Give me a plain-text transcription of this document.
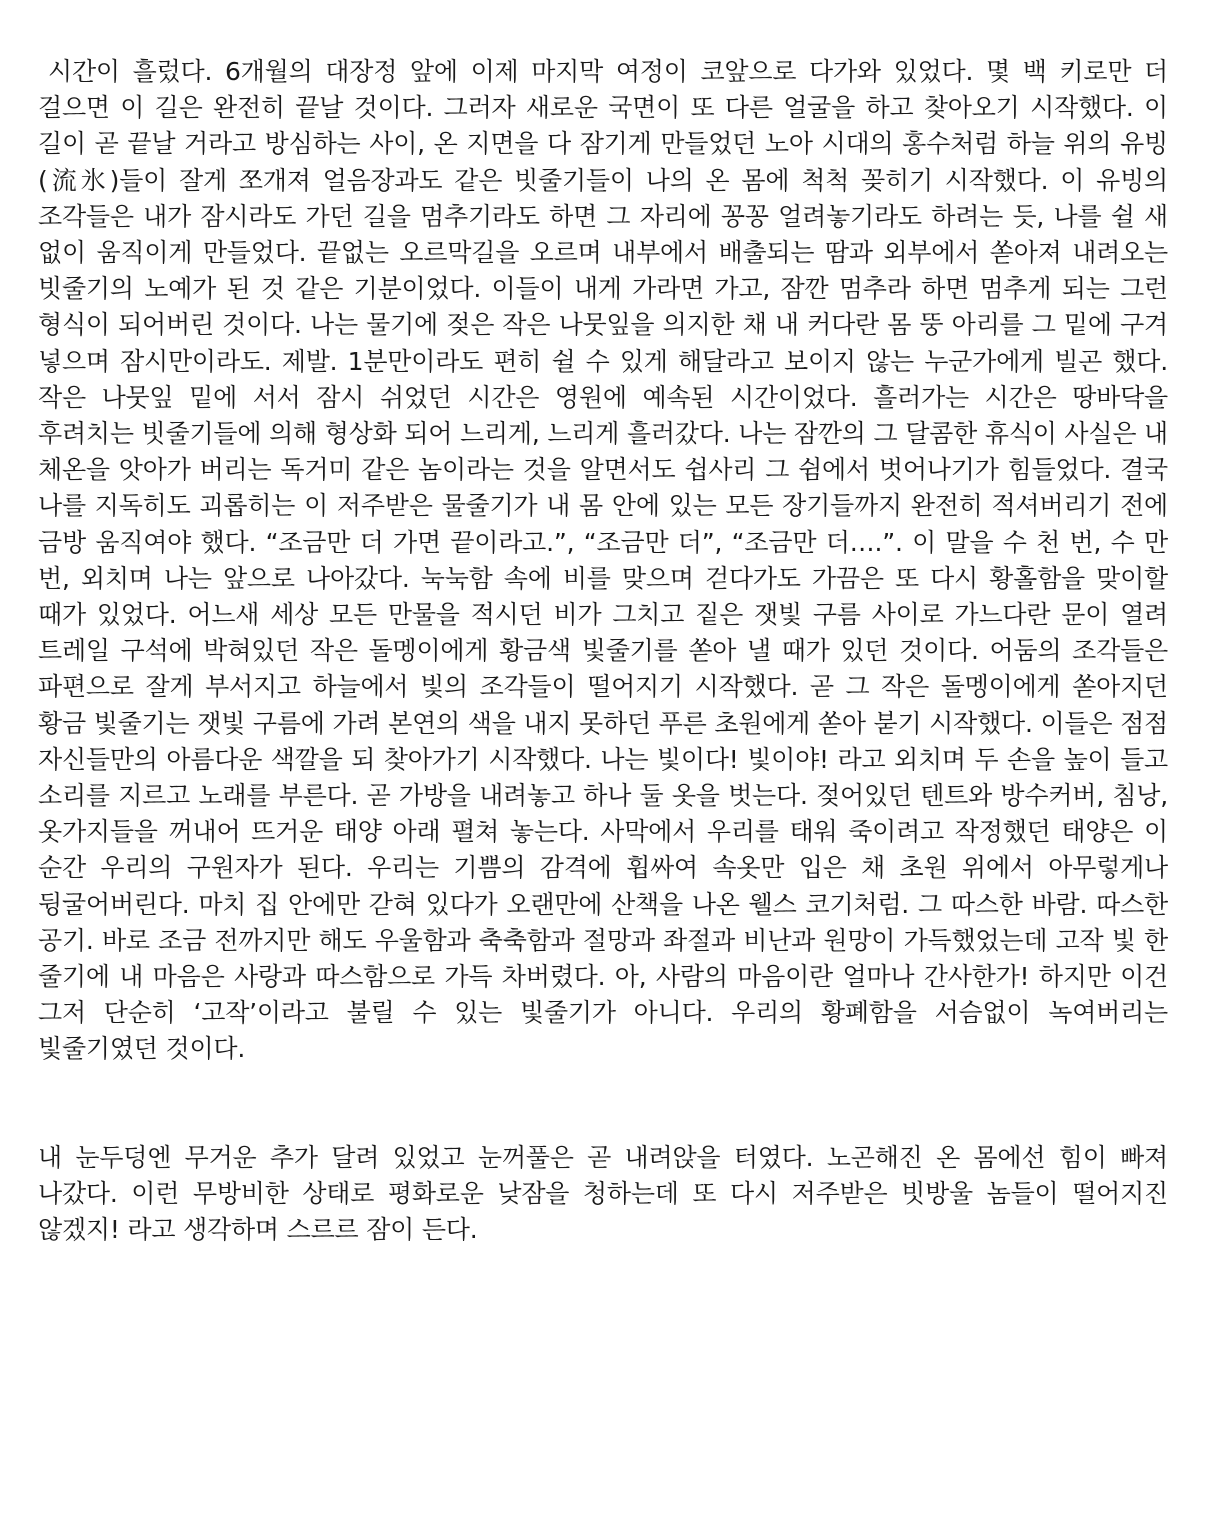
시간이 흘렀다. 6개월의 대장정 앞에 이제 마지막 여정이 코앞으로 다가와 있었다. 몇 백 키로만 더 걸으면 이 길은 완전히 끝날 것이다. 그러자 새로운 국면이 또 다른 얼굴을 하고 찾아오기 시작했다. 이 길이 곧 끝날 거라고 방심하는 사이, 온 지면을 다 잠기게 만들었던 노아 시대의 홍수처럼 하늘 위의 유빙(流氷)들이 잘게 쪼개져 얼음장과도 같은 빗줄기들이 나의 온 몸에 척척 꽂히기 시작했다. 이 유빙의 조각들은 내가 잠시라도 가던 길을 멈추기라도 하면 그 자리에 꽁꽁 얼려놓기라도 하려는 듯, 나를 쉴 새 없이 움직이게 만들었다. 끝없는 오르막길을 오르며 내부에서 배출되는 땀과 외부에서 쏟아져 내려오는 빗줄기의 노예가 된 것 같은 기분이었다. 이들이 내게 가라면 가고, 잠깐 멈추라 하면 멈추게 되는 그런 형식이 되어버린 것이다. 나는 물기에 젖은 작은 나뭇잎을 의지한 채 내 커다란 몸 뚱 아리를 그 밑에 구겨 넣으며 잠시만이라도. 제발. 1분만이라도 편히 쉴 수 있게 해달라고 보이지 않는 누군가에게 빌곤 했다. 작은 나뭇잎 밑에 서서 잠시 쉬었던 시간은 영원에 예속된 시간이었다. 흘러가는 시간은 땅바닥을 후려치는 빗줄기들에 의해 형상화 되어 느리게, 느리게 흘러갔다. 나는 잠깐의 그 달콤한 휴식이 사실은 내 체온을 앗아가 버리는 독거미 같은 놈이라는 것을 알면서도 쉽사리 그 쉼에서 벗어나기가 힘들었다. 결국 나를 지독히도 괴롭히는 이 저주받은 물줄기가 내 몸 안에 있는 모든 장기들까지 완전히 적셔버리기 전에 금방 움직여야 했다. “조금만 더 가면 끝이라고.”, “조금만 더”, “조금만 더….”. 이 말을 수 천 번, 수 만 번, 외치며 나는 앞으로 나아갔다. 눅눅함 속에 비를 맞으며 걷다가도 가끔은 또 다시 황홀함을 맞이할 때가 있었다. 어느새 세상 모든 만물을 적시던 비가 그치고 짙은 잿빛 구름 사이로 가느다란 문이 열려 트레일 구석에 박혀있던 작은 돌멩이에게 황금색 빛줄기를 쏟아 낼 때가 있던 것이다. 어둠의 조각들은 파편으로 잘게 부서지고 하늘에서 빛의 조각들이 떨어지기 시작했다. 곧 그 작은 돌멩이에게 쏟아지던 황금 빛줄기는 잿빛 구름에 가려 본연의 색을 내지 못하던 푸른 초원에게 쏟아 붇기 시작했다. 이들은 점점 자신들만의 아름다운 색깔을 되 찾아가기 시작했다. 나는 빛이다! 빛이야! 라고 외치며 두 손을 높이 들고 소리를 지르고 노래를 부른다. 곧 가방을 내려놓고 하나 둘 옷을 벗는다. 젖어있던 텐트와 방수커버, 침낭, 옷가지들을 꺼내어 뜨거운 태양 아래 펼쳐 놓는다. 사막에서 우리를 태워 죽이려고 작정했던 태양은 이 순간 우리의 구원자가 된다. 우리는 기쁨의 감격에 휩싸여 속옷만 입은 채 초원 위에서 아무렇게나 뒹굴어버린다. 마치 집 안에만 갇혀 있다가 오랜만에 산책을 나온 웰스 코기처럼. 그 따스한 바람. 따스한 공기. 바로 조금 전까지만 해도 우울함과 축축함과 절망과 좌절과 비난과 원망이 가득했었는데 고작 빛 한 줄기에 내 마음은 사랑과 따스함으로 가득 차버렸다. 아, 사람의 마음이란 얼마나 간사한가! 하지만 이건 그저 단순히 ‘고작’이라고 불릴 수 있는 빛줄기가 아니다. 우리의 황폐함을 서슴없이 녹여버리는 빛줄기였던 것이다.

내 눈두덩엔 무거운 추가 달려 있었고 눈꺼풀은 곧 내려앉을 터였다. 노곤해진 온 몸에선 힘이 빠져 나갔다. 이런 무방비한 상태로 평화로운 낮잠을 청하는데 또 다시 저주받은 빗방울 놈들이 떨어지진 않겠지! 라고 생각하며 스르르 잠이 든다.
